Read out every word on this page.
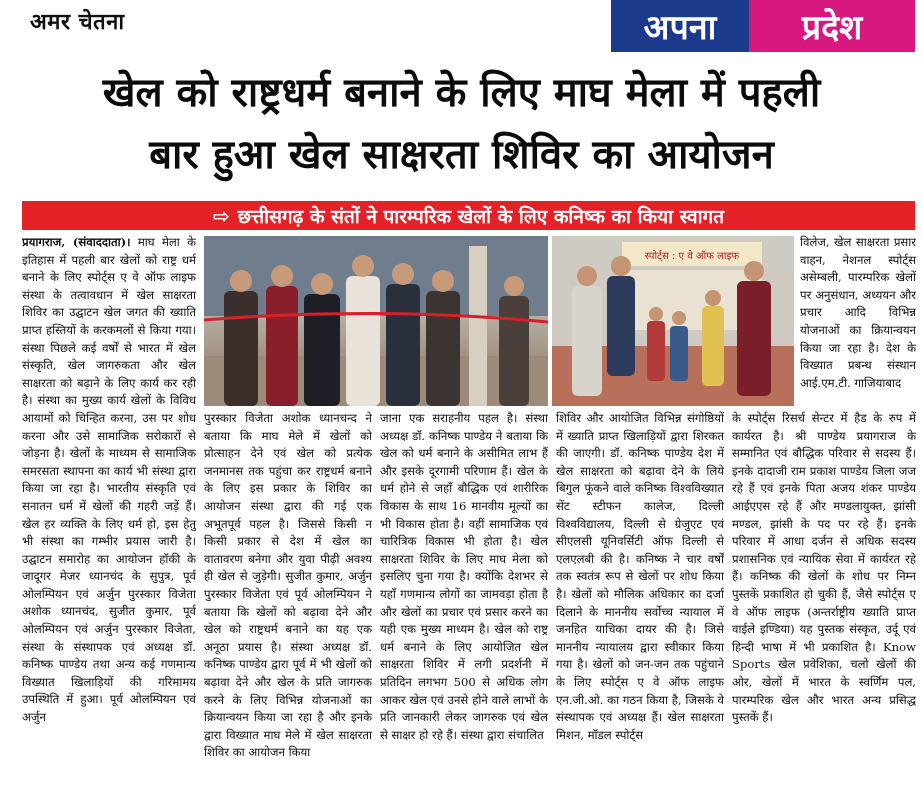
अमर चेतना	अपना	प्रदेश
खेल को राष्ट्रधर्म बनाने के लिए माघ मेला में पहली
बार हुआ खेल साक्षरता शिविर का आयोजन
⇨ छत्तीसगढ़ के संतों ने पारम्परिक खेलों के लिए कनिष्क का किया स्वागत
प्रयागराज, (संवाददाता)। माघ मेला के इतिहास में पहली बार खेलों को राष्ट्र धर्म बनाने के लिए स्पोर्ट्स ए वे ऑफ लाइफ संस्था के तत्वावधान में खेल साक्षरता शिविर का उद्घाटन खेल जगत की ख्याति प्राप्त हस्तियों के करकमलों से किया गया। संस्था पिछले कई वर्षों से भारत में खेल संस्कृति, खेल जागरुकता और खेल साक्षरता को बढ़ाने के लिए कार्य कर रही है। संस्था का मुख्य कार्य खेलों के विविध आयामों को चिन्हित करना, उस पर शोध करना और उसे सामाजिक सरोकारों से जोड़ना है। खेलों के माध्यम से सामाजिक समरसता स्थापना का कार्य भी संस्था द्वारा किया जा रहा है। भारतीय संस्कृति एवं सनातन धर्म में खेलों की गहरी जड़ें हैं। खेल हर व्यक्ति के लिए धर्म हो, इस हेतु भी संस्था का गम्भीर प्रयास जारी है। उद्घाटन समारोह का आयोजन हॉकी के जादूगर मेजर ध्यानचंद के सुपुत्र, पूर्व ओलम्पियन एवं अर्जुन पुरस्कार विजेता अशोक ध्यानचंद, सुजीत कुमार, पूर्व ओलम्पियन एवं अर्जुन पुरस्कार विजेता, संस्था के संस्थापक एवं अध्यक्ष डॉ. कनिष्क पाण्डेय तथा अन्य कई गणमान्य विख्यात खिलाड़ियों की गरिमामय उपस्थिति में हुआ। पूर्व ओलम्पियन एवं अर्जुन
स्पोर्ट्स : ए वे ऑफ लाइफ
विलेज, खेल साक्षरता प्रसार वाहन, नेशनल स्पोर्ट्स असेम्बली, पारम्परिक खेलों पर अनुसंधान, अध्ययन और प्रचार आदि विभिन्न योजनाओं का क्रियान्वयन किया जा रहा है। देश के विख्यात प्रबन्ध संस्थान आई.एम.टी. गाजियाबाद
पुरस्कार विजेता अशोक ध्यानचन्द ने बताया कि माघ मेले में खेलों को प्रोत्साहन देने एवं खेल को प्रत्येक जनमानस तक पहुंचा कर राष्ट्रधर्म बनाने के लिए इस प्रकार के शिविर का आयोजन संस्था द्वारा की गई एक अभूतपूर्व पहल है। जिससे किसी न किसी प्रकार से देश में खेल का वातावरण बनेगा और युवा पीढ़ी अवश्य ही खेल से जुड़ेगी। सुजीत कुमार, अर्जुन पुरस्कार विजेता एवं पूर्व ओलम्पियन ने बताया कि खेलों को बढ़ावा देने और खेल को राष्ट्रधर्म बनाने का यह एक अनूठा प्रयास है। संस्था अध्यक्ष डॉ. कनिष्क पाण्डेय द्वारा पूर्व में भी खेलों को बढ़ावा देने और खेल के प्रति जागरुक करने के लिए विभिन्न योजनाओं का क्रियान्वयन किया जा रहा है और इनके द्वारा विख्यात माघ मेले में खेल साक्षरता शिविर का आयोजन किया
जाना एक सराहनीय पहल है। संस्था अध्यक्ष डॉ. कनिष्क पाण्डेय ने बताया कि खेल को धर्म बनाने के असीमित लाभ हैं और इसके दूरगामी परिणाम हैं। खेल के धर्म होने से जहाँ बौद्धिक एवं शारीरिक विकास के साथ 16 मानवीय मूल्यों का भी विकास होता है। वहीं सामाजिक एवं चारित्रिक विकास भी होता है। खेल साक्षरता शिविर के लिए माघ मेला को इसलिए चुना गया है। क्योंकि देशभर से यहाँ गणमान्य लोगों का जामवड़ा होता है और खेलों का प्रचार एवं प्रसार करने का यही एक मुख्य माध्यम है। खेल को राष्ट्र धर्म बनाने के लिए आयोजित खेल साक्षरता शिविर में लगी प्रदर्शनी में प्रतिदिन लगभग 500 से अधिक लोग आकर खेल एवं उनसे होने वाले लाभों के प्रति जानकारी लेकर जागरुक एवं खेल से साक्षर हो रहे हैं। संस्था द्वारा संचालित
शिविर और आयोजित विभिन्न संगोष्ठियों में ख्याति प्राप्त खिलाड़ियों द्वारा शिरकत की जाएगी। डॉ. कनिष्क पाण्डेय देश में खेल साक्षरता को बढ़ावा देने के लिये बिगुल फूंकने वाले कनिष्क विश्वविख्यात सेंट स्टीफन कालेज, दिल्ली विश्वविद्यालय, दिल्ली से ग्रेजुएट एवं सीएलसी यूनिवर्सिटी ऑफ दिल्ली से एलएलबी की है। कनिष्क ने चार वर्षों तक स्वतंत्र रूप से खेलों पर शोध किया है। खेलों को मौलिक अधिकार का दर्जा दिलाने के माननीय सर्वोच्च न्यायाल में जनहित याचिका दायर की है। जिसे माननीय न्यायालय द्वारा स्वीकार किया गया है। खेलों को जन-जन तक पहुंचाने के लिए स्पोर्ट्स ए वे ऑफ लाइफ एन.जी.ओ. का गठन किया है, जिसके वे संस्थापक एवं अध्यक्ष हैं। खेल साक्षरता मिशन, मॉडल स्पोर्ट्स
के स्पोर्ट्स रिसर्च सेन्टर में हैड के रुप में कार्यरत है। श्री पाण्डेय प्रयागराज के सम्मानित एवं बौद्धिक परिवार से सदस्य हैं। इनके दादाजी राम प्रकाश पाण्डेय जिला जज रहे हैं एवं इनके पिता अजय शंकर पाण्डेय आईएएस रहे हैं और मण्डलायुक्त, झांसी मण्डल, झांसी के पद पर रहे हैं। इनके परिवार में आधा दर्जन से अधिक सदस्य प्रशासनिक एवं न्यायिक सेवा में कार्यरत रहे हैं। कनिष्क की खेलों के शोध पर निम्न पुस्तकें प्रकाशित हो चुकी हैं, जैसे स्पोर्ट्स ए वे ऑफ लाइफ (अन्तर्राष्ट्रीय ख्याति प्राप्त वाईले इण्डिया) यह पुस्तक संस्कृत, उर्दू एवं हिन्दी भाषा में भी प्रकाशित है। Know Sports खेल प्रवेशिका, चलो खेलों की ओर, खेलों में भारत के स्वर्णिम पल, पारम्परिक खेल और भारत अन्य प्रसिद्ध पुस्तकें हैं।
